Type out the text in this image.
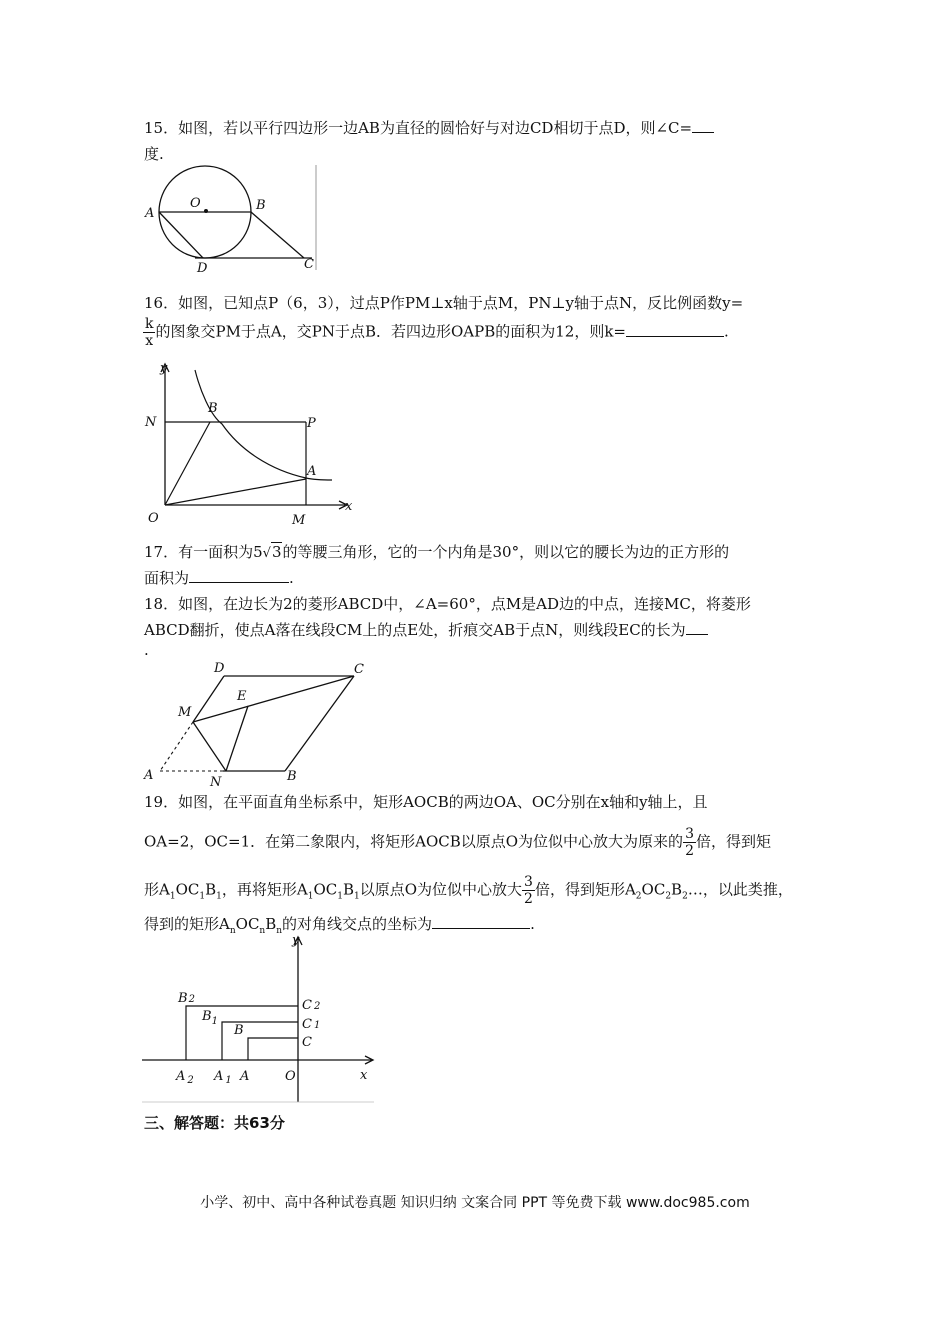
15．如图，若以平行四边形一边AB为直径的圆恰好与对边CD相切于点D，则∠C=
度.
A
O	B
D	C
16．如图，已知点P（6，3），过点P作PM⊥x轴于点M，PN⊥y轴于点N，反比例函数y=
$\frac{k}{x}$ 的图象交PM于点A，交PN于点B．若四边形OAPB的面积为12，则k=	.
y
N
B
P
A
O	M
x
17．有一面积为5√3的等腰三角形，它的一个内角是30°，则以它的腰长为边的正方形的
面积为	.
18．如图，在边长为2的菱形ABCD中，∠A=60°，点M是AD边的中点，连接MC，将菱形
ABCD翻折，使点A落在线段CM上的点E处，折痕交AB于点N，则线段EC的长为
.
D	C
E
M
A	N	B
19．如图，在平面直角坐标系中，矩形AOCB的两边OA、OC分别在x轴和y轴上，且
OA=2，OC=1．在第二象限内，将矩形AOCB以原点O为位似中心放大为原来的 $\frac{3}{2}$ 倍，得到矩
形$A_1OC_1B_1$，再将矩形$A_1OC_1B_1$以原点O为位似中心放大 $\frac{3}{2}$ 倍，得到矩形$A_2OC_2B_2\dots$，以此类推，
得到的矩形$A_nOC_nB_n$的对角线交点的坐标为	.
y
B2
$B_1$
B
C 2
C 1
C
A $_2$ A $_1$ A	O	x
三、解答题：共63分
小学、初中、高中各种试卷真题 知识归纳 文案合同 PPT 等免费下载 www.doc985.com
